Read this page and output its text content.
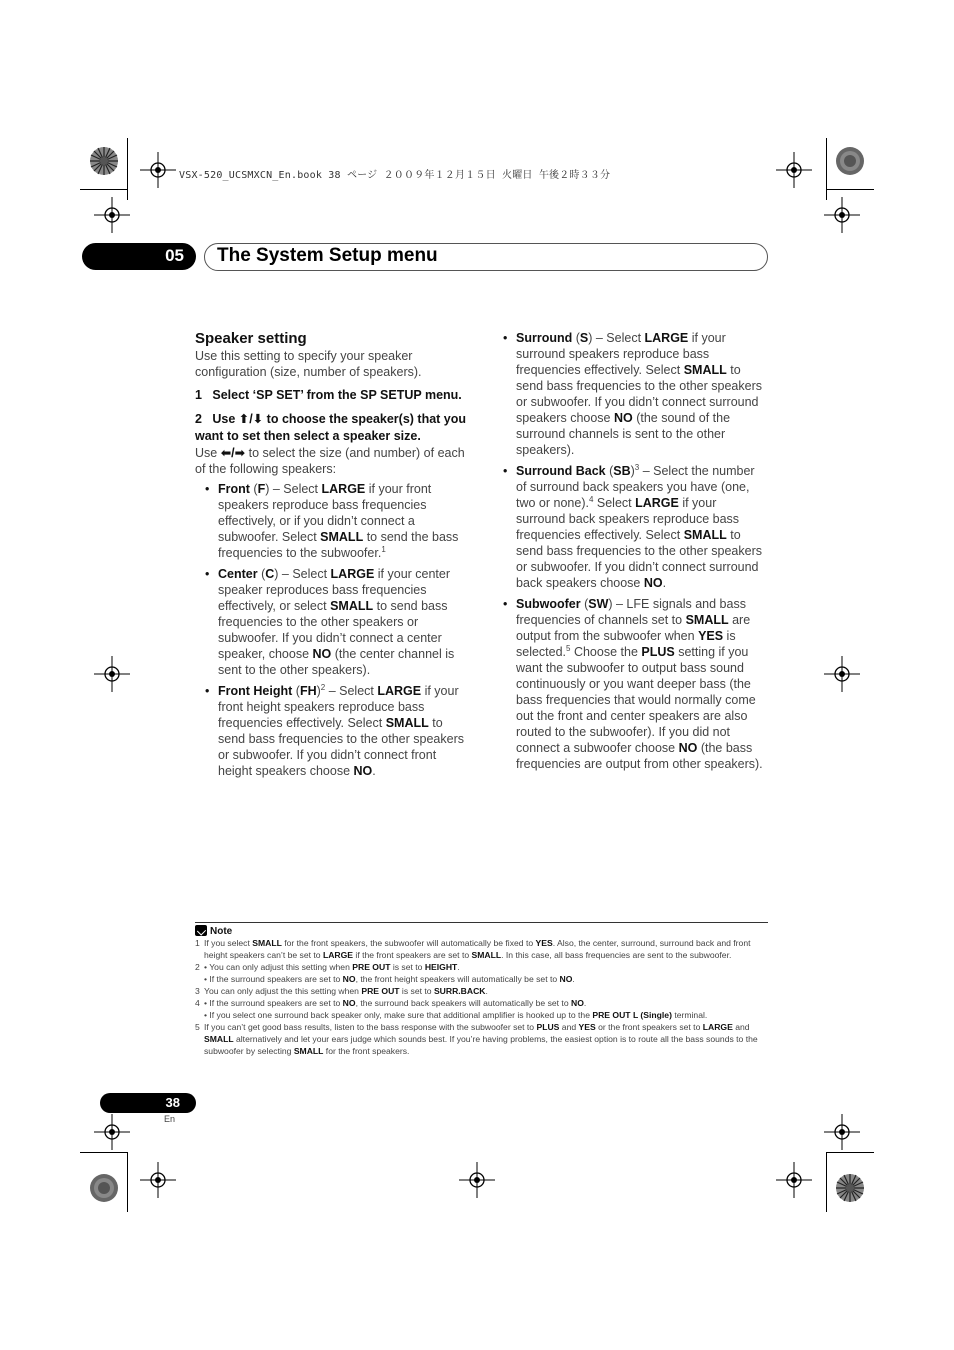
VSX-520_UCSMXCN_En.book 38 ページ ２００９年１２月１５日 火曜日 午後２時３３分
05 The System Setup menu
Speaker setting

Use this setting to specify your speaker configuration (size, number of speakers).

1 Select ‘SP SET’ from the SP SETUP menu.

2 Use ⬆/⬇ to choose the speaker(s) that you want to set then select a speaker size.

Use ⬅/➡ to select the size (and number) of each of the following speakers:

• Front (F) – Select LARGE if your front speakers reproduce bass frequencies effectively, or if you didn’t connect a subwoofer. Select SMALL to send the bass frequencies to the subwoofer.$^1$
• Center (C) – Select LARGE if your center speaker reproduces bass frequencies effectively, or select SMALL to send bass frequencies to the other speakers or subwoofer. If you didn’t connect a center speaker, choose NO (the center channel is sent to the other speakers).
• Front Height (FH)$^2$ – Select LARGE if your front height speakers reproduce bass frequencies effectively. Select SMALL to send bass frequencies to the other speakers or subwoofer. If you didn’t connect front height speakers choose NO.
• Surround (S) – Select LARGE if your surround speakers reproduce bass frequencies effectively. Select SMALL to send bass frequencies to the other speakers or subwoofer. If you didn’t connect surround speakers choose NO (the sound of the surround channels is sent to the other speakers).
• Surround Back (SB)$^3$ – Select the number of surround back speakers you have (one, two or none).$^4$ Select LARGE if your surround back speakers reproduce bass frequencies effectively. Select SMALL to send bass frequencies to the other speakers or subwoofer. If you didn’t connect surround back speakers choose NO.
• Subwoofer (SW) – LFE signals and bass frequencies of channels set to SMALL are output from the subwoofer when YES is selected.$^5$ Choose the PLUS setting if you want the subwoofer to output bass sound continuously or you want deeper bass (the bass frequencies that would normally come out the front and center speakers are also routed to the subwoofer). If you did not connect a subwoofer choose NO (the bass frequencies are output from other speakers).
Note
1 If you select SMALL for the front speakers, the subwoofer will automatically be fixed to YES. Also, the center, surround, surround back and front height speakers can’t be set to LARGE if the front speakers are set to SMALL. In this case, all bass frequencies are sent to the subwoofer.
2 • You can only adjust this setting when PRE OUT is set to HEIGHT.
• If the surround speakers are set to NO, the front height speakers will automatically be set to NO.
3 You can only adjust the this setting when PRE OUT is set to SURR.BACK.
4 • If the surround speakers are set to NO, the surround back speakers will automatically be set to NO.
• If you select one surround back speaker only, make sure that additional amplifier is hooked up to the PRE OUT L (Single) terminal.
5 If you can’t get good bass results, listen to the bass response with the subwoofer set to PLUS and YES or the front speakers set to LARGE and SMALL alternatively and let your ears judge which sounds best. If you’re having problems, the easiest option is to route all the bass sounds to the subwoofer by selecting SMALL for the front speakers.
38
En
